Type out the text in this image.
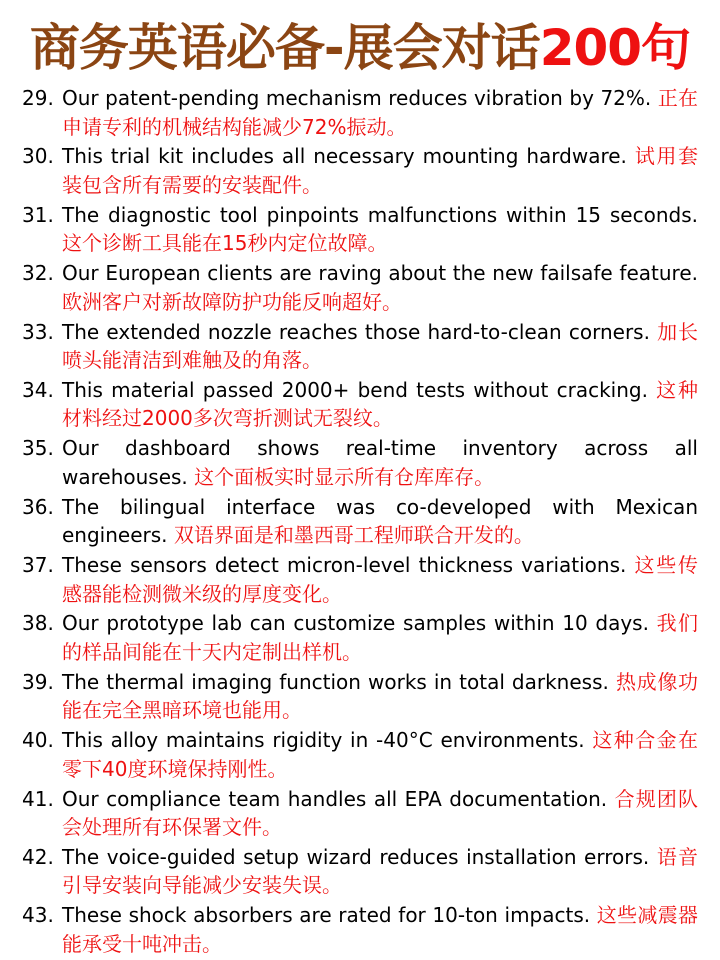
商务英语必备-展会对话200句
29. Our patent-pending mechanism reduces vibration by 72%. 正在申请专利的机械结构能减少72%振动。
30. This trial kit includes all necessary mounting hardware. 试用套装包含所有需要的安装配件。
31. The diagnostic tool pinpoints malfunctions within 15 seconds. 这个诊断工具能在15秒内定位故障。
32. Our European clients are raving about the new failsafe feature. 欧洲客户对新故障防护功能反响超好。
33. The extended nozzle reaches those hard-to-clean corners. 加长喷头能清洁到难触及的角落。
34. This material passed 2000+ bend tests without cracking. 这种材料经过2000多次弯折测试无裂纹。
35. Our dashboard shows real-time inventory across all warehouses. 这个面板实时显示所有仓库库存。
36. The bilingual interface was co-developed with Mexican engineers. 双语界面是和墨西哥工程师联合开发的。
37. These sensors detect micron-level thickness variations. 这些传感器能检测微米级的厚度变化。
38. Our prototype lab can customize samples within 10 days. 我们的样品间能在十天内定制出样机。
39. The thermal imaging function works in total darkness. 热成像功能在完全黑暗环境也能用。
40. This alloy maintains rigidity in -40°C environments. 这种合金在零下40度环境保持刚性。
41. Our compliance team handles all EPA documentation. 合规团队会处理所有环保署文件。
42. The voice-guided setup wizard reduces installation errors. 语音引导安装向导能减少安装失误。
43. These shock absorbers are rated for 10-ton impacts. 这些减震器能承受十吨冲击。
